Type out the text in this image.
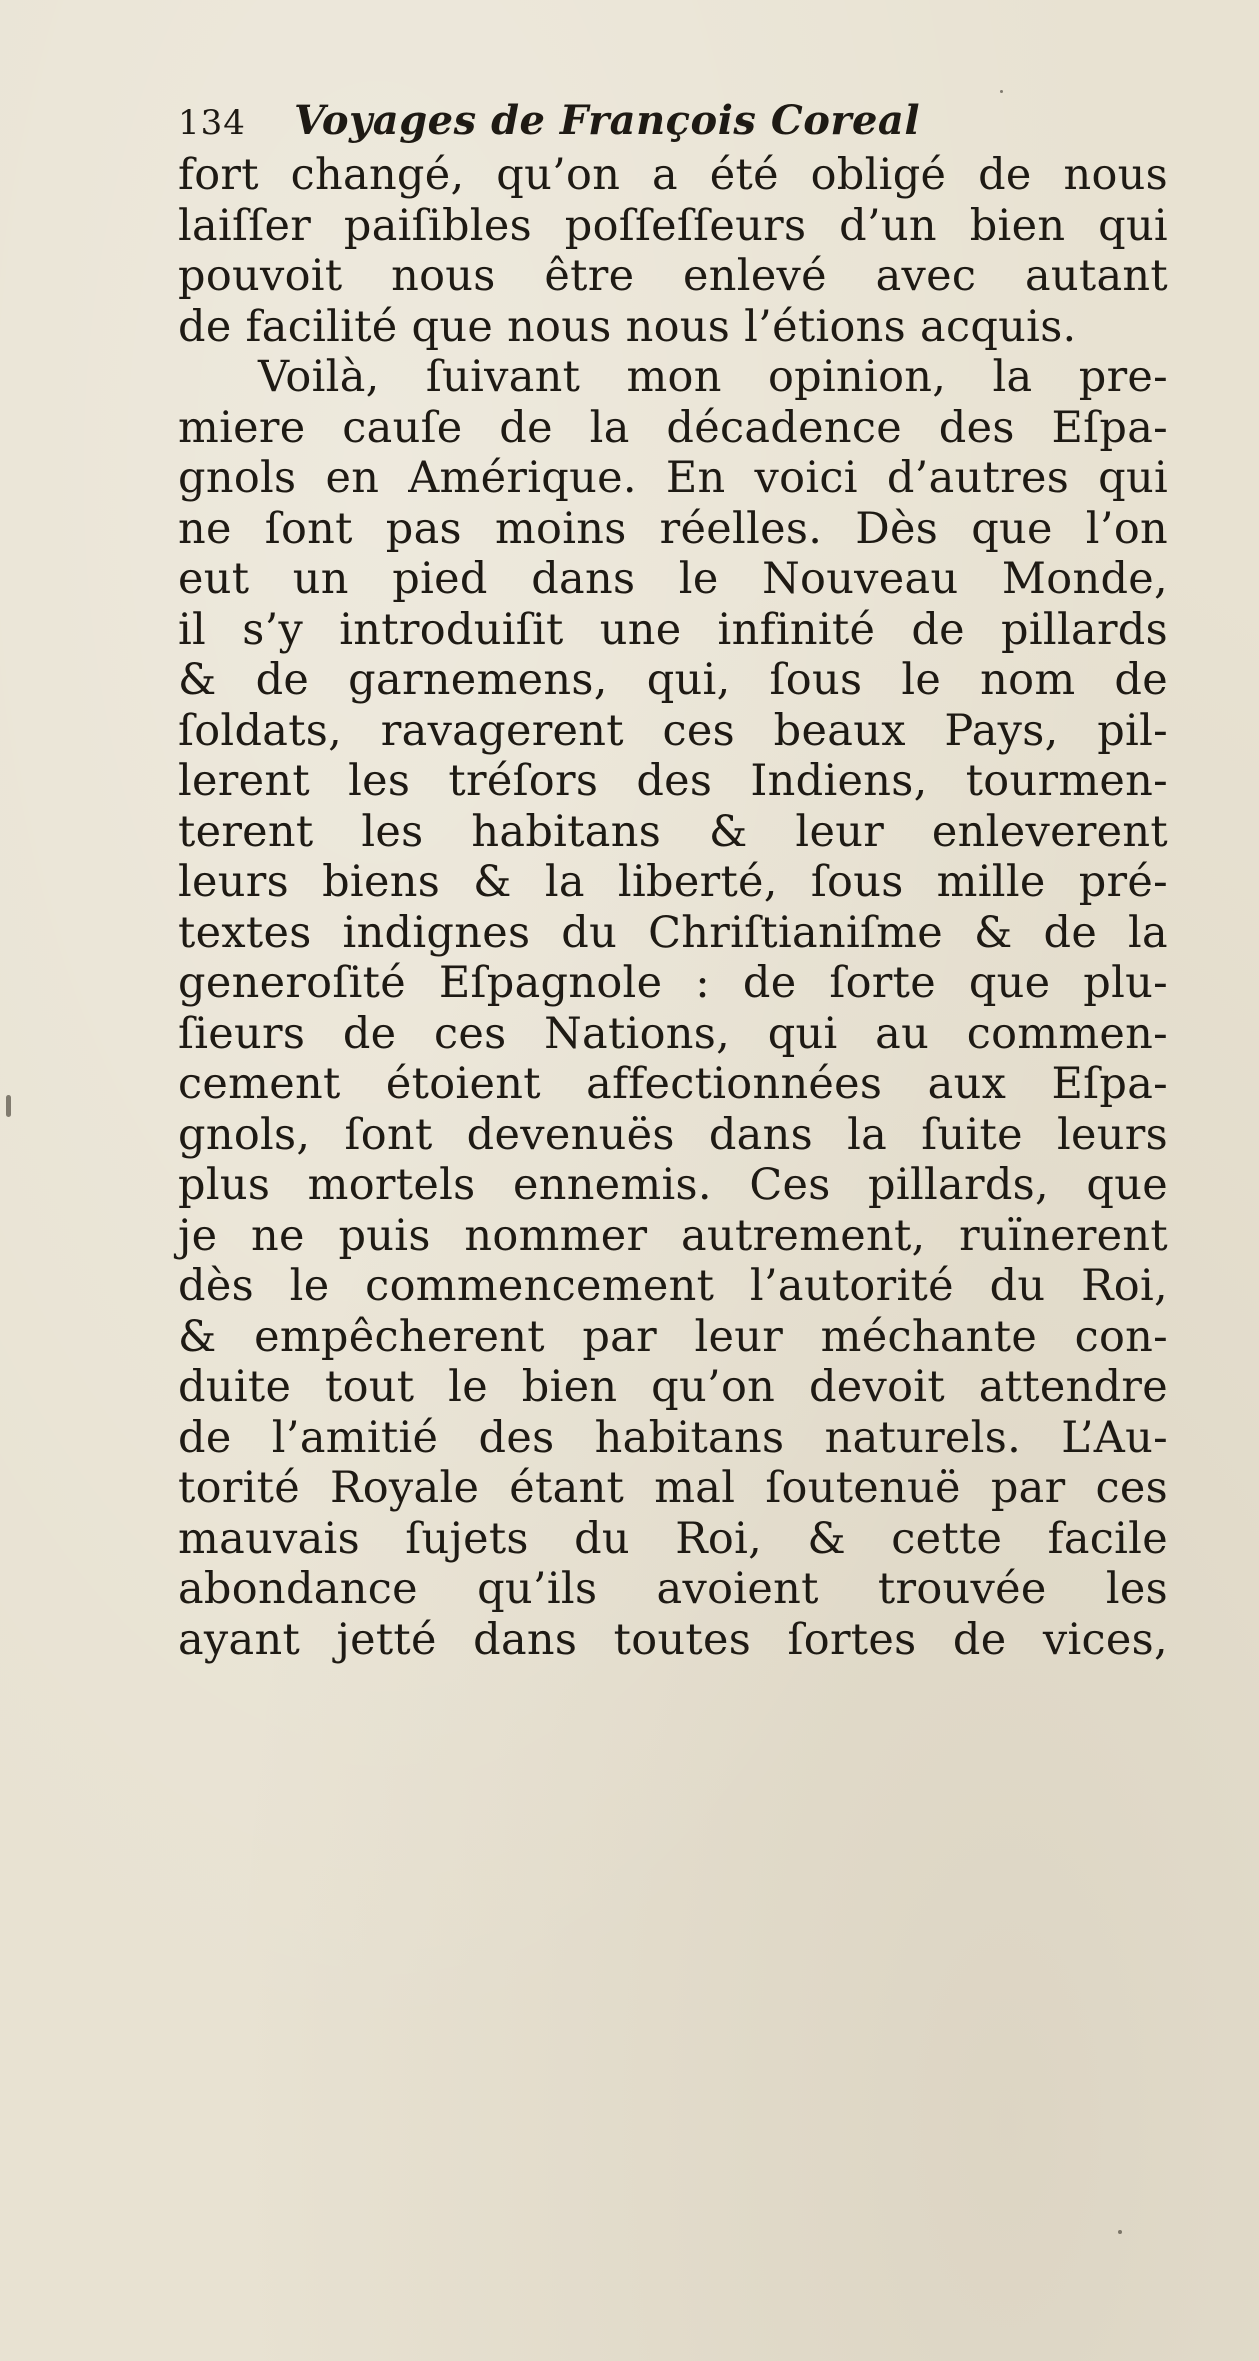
134 Voyages de François Coreal
fort changé, qu’on a été obligé de nous
laiſſer paiſibles poſſeſſeurs d’un bien qui
pouvoit nous être enlevé avec autant
de facilité que nous nous l’étions acquis.
Voilà, ſuivant mon opinion, la pre-
miere cauſe de la décadence des Eſpa-
gnols en Amérique. En voici d’autres qui
ne ſont pas moins réelles. Dès que l’on
eut un pied dans le Nouveau Monde,
il s’y introduiſit une infinité de pillards
& de garnemens, qui, ſous le nom de
ſoldats, ravagerent ces beaux Pays, pil-
lerent les tréſors des Indiens, tourmen-
terent les habitans & leur enleverent
leurs biens & la liberté, ſous mille pré-
textes indignes du Chriſtianiſme & de la
generoſité Eſpagnole : de ſorte que plu-
ſieurs de ces Nations, qui au commen-
cement étoient affectionnées aux Eſpa-
gnols, ſont devenuës dans la ſuite leurs
plus mortels ennemis. Ces pillards, que
je ne puis nommer autrement, ruïnerent
dès le commencement l’autorité du Roi,
& empêcherent par leur méchante con-
duite tout le bien qu’on devoit attendre
de l’amitié des habitans naturels. L’Au-
torité Royale étant mal ſoutenuë par ces
mauvais ſujets du Roi, & cette facile
abondance qu’ils avoient trouvée les
ayant jetté dans toutes ſortes de vices,
